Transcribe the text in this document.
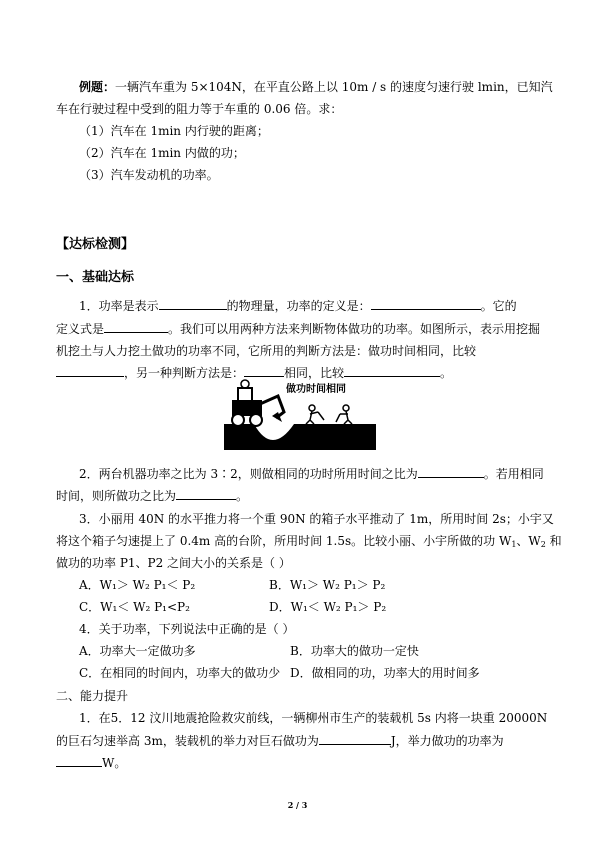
例题：一辆汽车重为 5×104N，在平直公路上以 10m / s 的速度匀速行驶 lmin，已知汽
车在行驶过程中受到的阻力等于车重的 0.06 倍。求：
（1）汽车在 1min 内行驶的距离；
（2）汽车在 1min 内做的功；
（3）汽车发动机的功率。
【达标检测】
一、基础达标
1．功率是表示	的物理量，功率的定义是：	。它的
定义式是	。我们可以用两种方法来判断物体做功的功率。如图所示，表示用挖掘
机挖土与人力挖土做功的功率不同，它所用的判断方法是：做功时间相同，比较
，另一种判断方法是：	相同，比较	。
做功时间相同
2．两台机器功率之比为 3∶2，则做相同的功时所用时间之比为	。若用相同
时间，则所做功之比为	。
3．小丽用 40N 的水平推力将一个重 90N 的箱子水平推动了 1m，所用时间 2s；小宇又
将这个箱子匀速提上了 0.4m 高的台阶，所用时间 1.5s。比较小丽、小宇所做的功 $W_1$、$W_2$ 和
做功的功率 P1、P2 之间大小的关系是（ ）
A．W₁＞ W₂ P₁＜ P₂	B．W₁＞ W₂ P₁＞ P₂
C．W₁＜ W₂ P₁<P₂	D．W₁＜ W₂ P₁＞ P₂
4．关于功率，下列说法中正确的是（ ）
A．功率大一定做功多	B．功率大的做功一定快
C．在相同的时间内，功率大的做功少 D．做相同的功，功率大的用时间多
二、能力提升
1．在5．12 汶川地震抢险救灾前线，一辆柳州市生产的装载机 5s 内将一块重 20000N
的巨石匀速举高 3m，装载机的举力对巨石做功为	J，举力做功的功率为
W。
2 / 3
